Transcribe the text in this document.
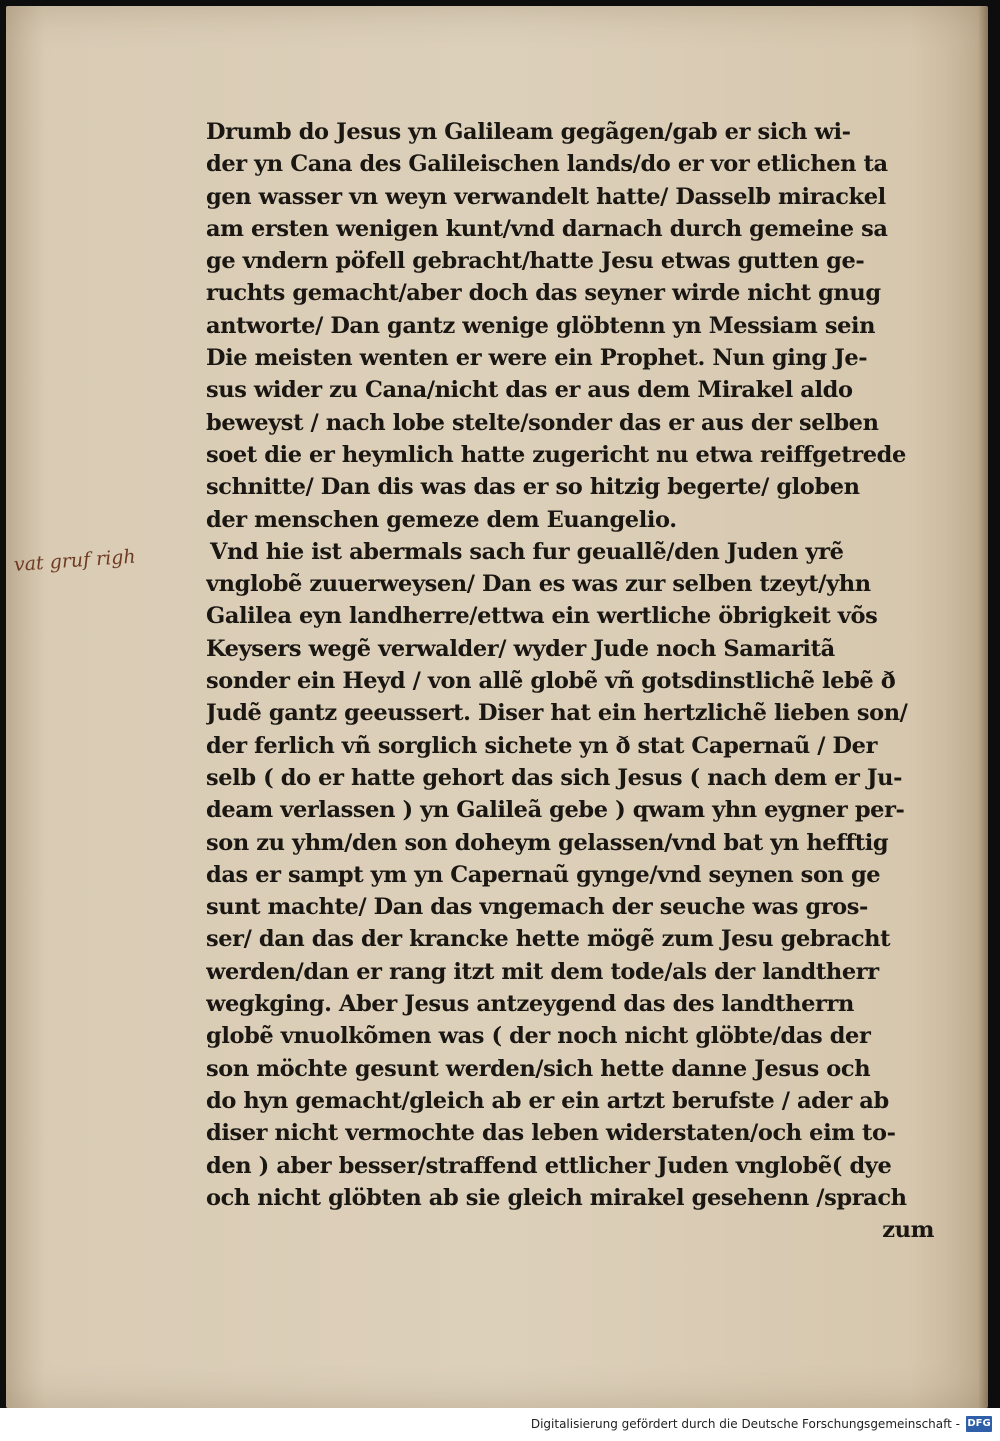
vat gruf righ
Drumb do Jesus yn Galileam gegãgen/gab er sich wi-
der yn Cana des Galileischen lands/do er vor etlichen ta
gen wasser vn weyn verwandelt hatte/ Dasselb mirackel
am ersten wenigen kunt/vnd darnach durch gemeine sa
ge vndern pöfell gebracht/hatte Jesu etwas gutten ge-
ruchts gemacht/aber doch das seyner wirde nicht gnug
antworte/ Dan gantz wenige glöbtenn yn Messiam sein
Die meisten wenten er were ein Prophet. Nun ging Je-
sus wider zu Cana/nicht das er aus dem Mirakel aldo
beweyst / nach lobe stelte/sonder das er aus der selben
soet die er heymlich hatte zugericht nu etwa reiffgetrede
schnitte/ Dan dis was das er so hitzig begerte/ globen
der menschen gemeze dem Euangelio.
Vnd hie ist abermals sach fur geuallẽ/den Juden yrẽ
vnglobẽ zuuerweysen/ Dan es was zur selben tzeyt/yhn
Galilea eyn landherre/ettwa ein wertliche öbrigkeit võs
Keysers wegẽ verwalder/ wyder Jude noch Samaritã
sonder ein Heyd / von allẽ globẽ vñ gotsdinstlichẽ lebẽ ð
Judẽ gantz geeussert. Diser hat ein hertzlichẽ lieben son/
der ferlich vñ sorglich sichete yn ð stat Capernaũ / Der
selb ( do er hatte gehort das sich Jesus ( nach dem er Ju-
deam verlassen ) yn Galileã gebe ) qwam yhn eygner per-
son zu yhm/den son doheym gelassen/vnd bat yn hefftig
das er sampt ym yn Capernaũ gynge/vnd seynen son ge
sunt machte/ Dan das vngemach der seuche was gros-
ser/ dan das der krancke hette mögẽ zum Jesu gebracht
werden/dan er rang itzt mit dem tode/als der landtherr
wegkging. Aber Jesus antzeygend das des landtherrn
globẽ vnuolkõmen was ( der noch nicht glöbte/das der
son möchte gesunt werden/sich hette danne Jesus och
do hyn gemacht/gleich ab er ein artzt berufste / ader ab
diser nicht vermochte das leben widerstaten/och eim to-
den ) aber besser/straffend ettlicher Juden vnglobẽ( dye
och nicht glöbten ab sie gleich mirakel gesehenn /sprach
zum
Digitalisierung gefördert durch die Deutsche Forschungsgemeinschaft - DFG
